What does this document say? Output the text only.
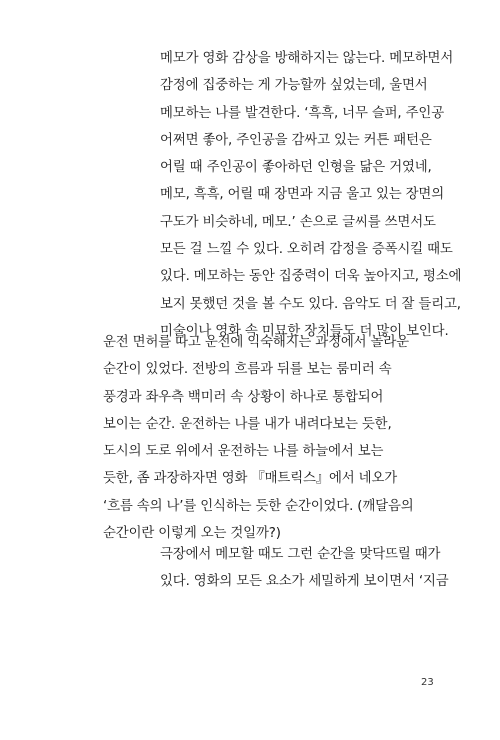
메모가 영화 감상을 방해하지는 않는다. 메모하면서
감정에 집중하는 게 가능할까 싶었는데, 울면서
메모하는 나를 발견한다. ‘흑흑, 너무 슬퍼, 주인공
어쩌면 좋아, 주인공을 감싸고 있는 커튼 패턴은
어릴 때 주인공이 좋아하던 인형을 닮은 거였네,
메모, 흑흑, 어릴 때 장면과 지금 울고 있는 장면의
구도가 비슷하네, 메모.’ 손으로 글씨를 쓰면서도
모든 걸 느낄 수 있다. 오히려 감정을 증폭시킬 때도
있다. 메모하는 동안 집중력이 더욱 높아지고, 평소에
보지 못했던 것을 볼 수도 있다. 음악도 더 잘 들리고,
미술이나 영화 속 미묘한 장치들도 더 많이 보인다.
운전 면허를 따고 운전에 익숙해지는 과정에서 놀라운
순간이 있었다. 전방의 흐름과 뒤를 보는 룸미러 속
풍경과 좌우측 백미러 속 상황이 하나로 통합되어
보이는 순간. 운전하는 나를 내가 내려다보는 듯한,
도시의 도로 위에서 운전하는 나를 하늘에서 보는
듯한, 좀 과장하자면 영화 『매트릭스』에서 네오가
‘흐름 속의 나’를 인식하는 듯한 순간이었다. (깨달음의
순간이란 이렇게 오는 것일까?)
극장에서 메모할 때도 그런 순간을 맞닥뜨릴 때가
있다. 영화의 모든 요소가 세밀하게 보이면서 ‘지금
23
